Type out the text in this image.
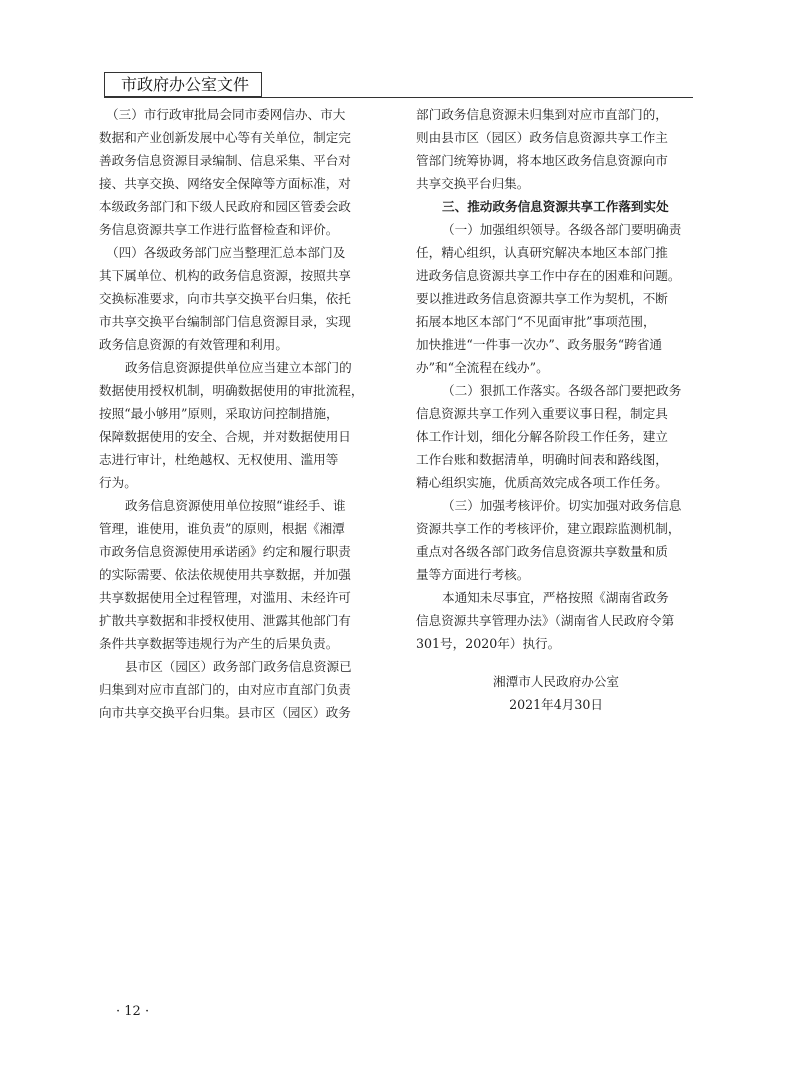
市政府办公室文件
（三）市行政审批局会同市委网信办、市大
数据和产业创新发展中心等有关单位，制定完
善政务信息资源目录编制、信息采集、平台对
接、共享交换、网络安全保障等方面标准，对
本级政务部门和下级人民政府和园区管委会政
务信息资源共享工作进行监督检查和评价。
（四）各级政务部门应当整理汇总本部门及
其下属单位、机构的政务信息资源，按照共享
交换标准要求，向市共享交换平台归集，依托
市共享交换平台编制部门信息资源目录，实现
政务信息资源的有效管理和利用。
政务信息资源提供单位应当建立本部门的
数据使用授权机制，明确数据使用的审批流程，
按照“最小够用”原则，采取访问控制措施，
保障数据使用的安全、合规，并对数据使用日
志进行审计，杜绝越权、无权使用、滥用等
行为。
政务信息资源使用单位按照“谁经手、谁
管理，谁使用，谁负责”的原则，根据《湘潭
市政务信息资源使用承诺函》约定和履行职责
的实际需要、依法依规使用共享数据，并加强
共享数据使用全过程管理，对滥用、未经许可
扩散共享数据和非授权使用、泄露其他部门有
条件共享数据等违规行为产生的后果负责。
县市区（园区）政务部门政务信息资源已
归集到对应市直部门的，由对应市直部门负责
向市共享交换平台归集。县市区（园区）政务
部门政务信息资源未归集到对应市直部门的，
则由县市区（园区）政务信息资源共享工作主
管部门统筹协调，将本地区政务信息资源向市
共享交换平台归集。
三、推动政务信息资源共享工作落到实处
（一）加强组织领导。各级各部门要明确责
任，精心组织，认真研究解决本地区本部门推
进政务信息资源共享工作中存在的困难和问题。
要以推进政务信息资源共享工作为契机，不断
拓展本地区本部门“不见面审批”事项范围，
加快推进“一件事一次办”、政务服务“跨省通
办”和“全流程在线办”。
（二）狠抓工作落实。各级各部门要把政务
信息资源共享工作列入重要议事日程，制定具
体工作计划，细化分解各阶段工作任务，建立
工作台账和数据清单，明确时间表和路线图，
精心组织实施，优质高效完成各项工作任务。
（三）加强考核评价。切实加强对政务信息
资源共享工作的考核评价，建立跟踪监测机制，
重点对各级各部门政务信息资源共享数量和质
量等方面进行考核。
本通知未尽事宜，严格按照《湖南省政务
信息资源共享管理办法》（湖南省人民政府令第
301号，2020年）执行。
湘潭市人民政府办公室
2021年4月30日
· 12 ·
